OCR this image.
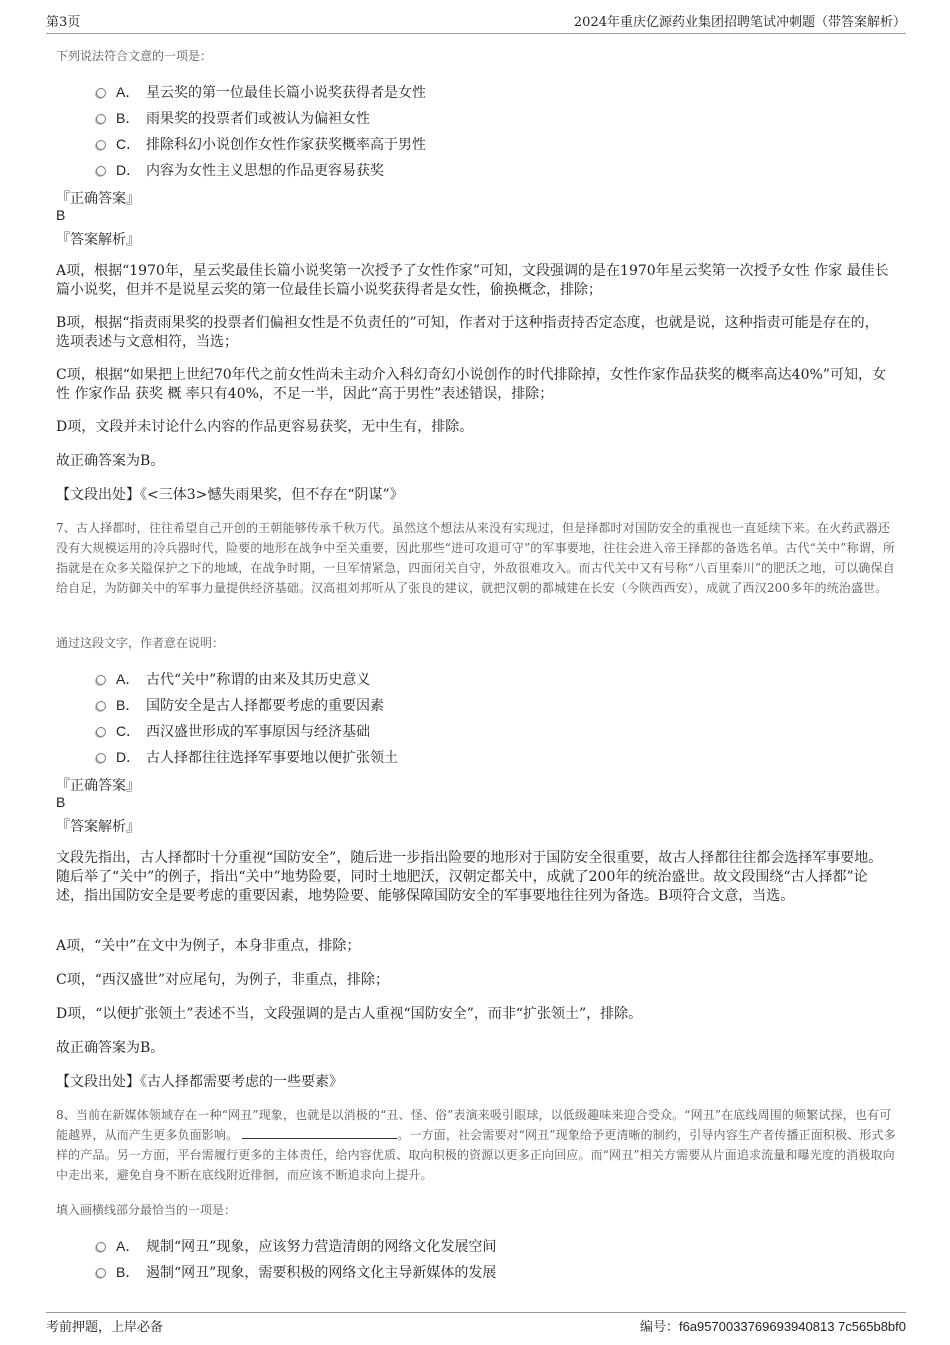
第3页	2024年重庆亿源药业集团招聘笔试冲刺题（带答案解析）
下列说法符合文意的一项是：
A． 星云奖的第一位最佳长篇小说奖获得者是女性
B． 雨果奖的投票者们或被认为偏袒女性
C． 排除科幻小说创作女性作家获奖概率高于男性
D． 内容为女性主义思想的作品更容易获奖
『正确答案』
B
『答案解析』
A项，根据“1970年，星云奖最佳长篇小说奖第一次授予了女性作家”可知，文段强调的是在1970年星云奖第一次授予女性 作家 最佳长篇小说奖，但并不是说星云奖的第一位最佳长篇小说奖获得者是女性，偷换概念，排除；
B项，根据“指责雨果奖的投票者们偏袒女性是不负责任的”可知，作者对于这种指责持否定态度，也就是说，这种指责可能是存在的，选项表述与文意相符，当选；
C项，根据“如果把上世纪70年代之前女性尚未主动介入科幻奇幻小说创作的时代排除掉，女性作家作品获奖的概率高达40%”可知，女性 作家作品 获奖 概 率只有40%，不足一半，因此“高于男性”表述错误，排除；
D项，文段并未讨论什么内容的作品更容易获奖，无中生有，排除。
故正确答案为B。
【文段出处】《<三体3>憾失雨果奖，但不存在“阴谋”》
7、古人择都时，往往希望自己开创的王朝能够传承千秋万代。虽然这个想法从来没有实现过，但是择都时对国防安全的重视也一直延续下来。在火药武器还没有大规模运用的冷兵器时代，险要的地形在战争中至关重要，因此那些“进可攻退可守”的军事要地，往往会进入帝王择都的备选名单。古代“关中”称谓，所指就是在众多关隘保护之下的地域，在战争时期，一旦军情紧急，四面闭关自守，外敌很难攻入。而古代关中又有号称“八百里秦川”的肥沃之地，可以确保自给自足，为防御关中的军事力量提供经济基础。汉高祖刘邦听从了张良的建议，就把汉朝的都城建在长安（今陕西西安），成就了西汉200多年的统治盛世。
通过这段文字，作者意在说明：
A． 古代“关中”称谓的由来及其历史意义
B． 国防安全是古人择都要考虑的重要因素
C． 西汉盛世形成的军事原因与经济基础
D． 古人择都往往选择军事要地以便扩张领土
『正确答案』
B
『答案解析』
文段先指出，古人择都时十分重视“国防安全”，随后进一步指出险要的地形对于国防安全很重要，故古人择都往往都会选择军事要地。随后举了“关中”的例子，指出“关中”地势险要，同时土地肥沃，汉朝定都关中，成就了200年的统治盛世。故文段围绕“古人择都”论述，指出国防安全是要考虑的重要因素，地势险要、能够保障国防安全的军事要地往往列为备选。B项符合文意，当选。
A项，“关中”在文中为例子，本身非重点，排除；
C项，“西汉盛世”对应尾句，为例子，非重点，排除；
D项，“以便扩张领土”表述不当，文段强调的是古人重视“国防安全”，而非“扩张领土”，排除。
故正确答案为B。
【文段出处】《古人择都需要考虑的一些要素》
8、当前在新媒体领域存在一种“网丑”现象，也就是以消极的“丑、怪、俗”表演来吸引眼球，以低级趣味来迎合受众。“网丑”在底线周围的频繁试探，也有可能越界，从而产生更多负面影响。	。一方面，社会需要对“网丑”现象给予更清晰的制约，引导内容生产者传播正面积极、形式多样的产品。另一方面，平台需履行更多的主体责任，给内容优质、取向积极的资源以更多正向回应。而“网丑”相关方需要从片面追求流量和曝光度的消极取向中走出来，避免自身不断在底线附近徘徊，而应该不断追求向上提升。
填入画横线部分最恰当的一项是：
A． 规制“网丑”现象，应该努力营造清朗的网络文化发展空间
B． 遏制“网丑”现象，需要积极的网络文化主导新媒体的发展
考前押题，上岸必备	编号：f6a9570033769693940813 7c565b8bf0
